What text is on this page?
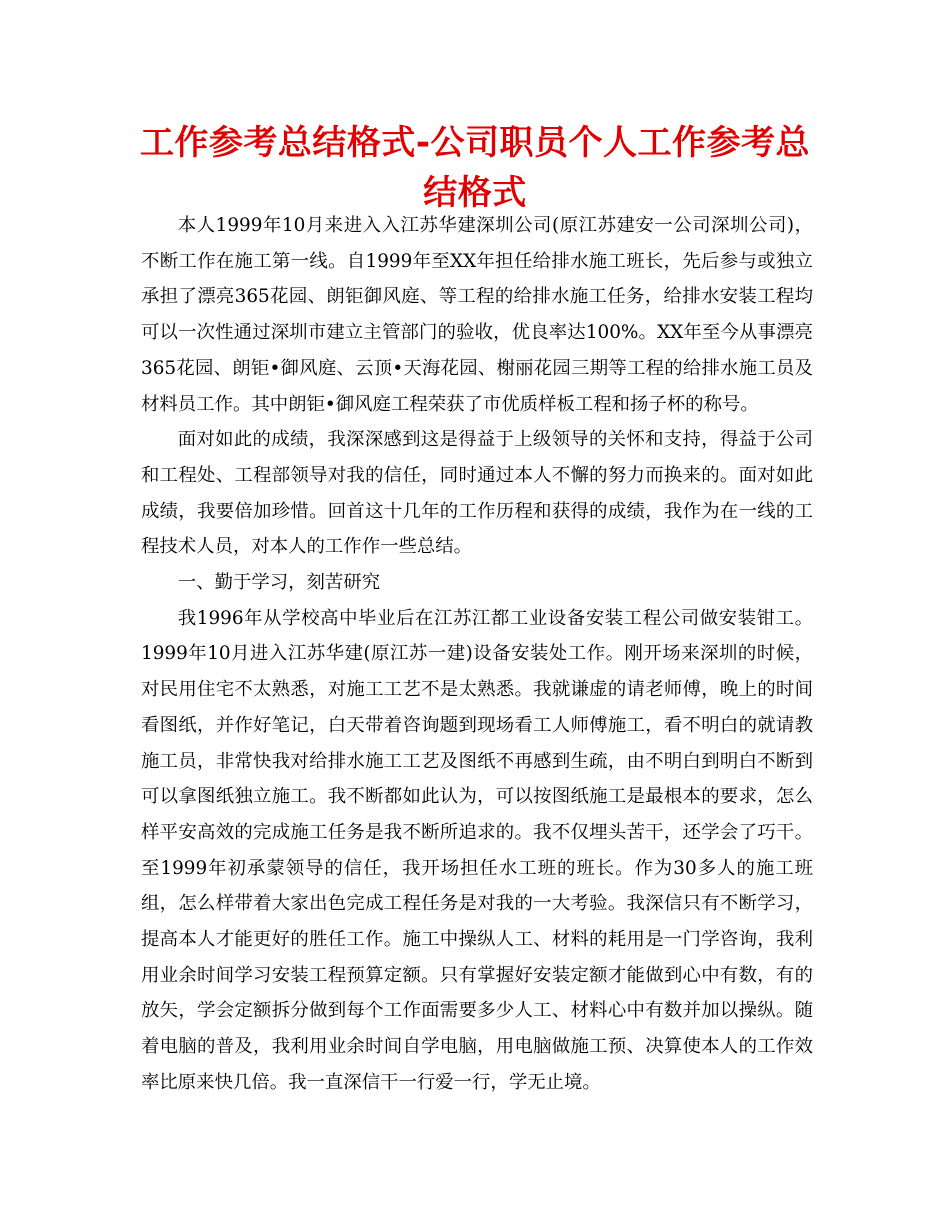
工作参考总结格式-公司职员个人工作参考总结格式

本人1999年10月来进入入江苏华建深圳公司(原江苏建安一公司深圳公司)，不断工作在施工第一线。自1999年至XX年担任给排水施工班长，先后参与或独立承担了漂亮365花园、朗钜御风庭、等工程的给排水施工任务，给排水安装工程均可以一次性通过深圳市建立主管部门的验收，优良率达100%。XX年至今从事漂亮365花园、朗钜•御风庭、云顶•天海花园、榭丽花园三期等工程的给排水施工员及材料员工作。其中朗钜•御风庭工程荣获了市优质样板工程和扬子杯的称号。

面对如此的成绩，我深深感到这是得益于上级领导的关怀和支持，得益于公司和工程处、工程部领导对我的信任，同时通过本人不懈的努力而换来的。面对如此成绩，我要倍加珍惜。回首这十几年的工作历程和获得的成绩，我作为在一线的工程技术人员，对本人的工作作一些总结。

一、勤于学习，刻苦研究

我1996年从学校高中毕业后在江苏江都工业设备安装工程公司做安装钳工。1999年10月进入江苏华建(原江苏一建)设备安装处工作。刚开场来深圳的时候，对民用住宅不太熟悉，对施工工艺不是太熟悉。我就谦虚的请老师傅，晚上的时间看图纸，并作好笔记，白天带着咨询题到现场看工人师傅施工，看不明白的就请教施工员，非常快我对给排水施工工艺及图纸不再感到生疏，由不明白到明白不断到可以拿图纸独立施工。我不断都如此认为，可以按图纸施工是最根本的要求，怎么样平安高效的完成施工任务是我不断所追求的。我不仅埋头苦干，还学会了巧干。至1999年初承蒙领导的信任，我开场担任水工班的班长。作为30多人的施工班组，怎么样带着大家出色完成工程任务是对我的一大考验。我深信只有不断学习，提高本人才能更好的胜任工作。施工中操纵人工、材料的耗用是一门学咨询，我利用业余时间学习安装工程预算定额。只有掌握好安装定额才能做到心中有数，有的放矢，学会定额拆分做到每个工作面需要多少人工、材料心中有数并加以操纵。随着电脑的普及，我利用业余时间自学电脑，用电脑做施工预、决算使本人的工作效率比原来快几倍。我一直深信干一行爱一行，学无止境。
